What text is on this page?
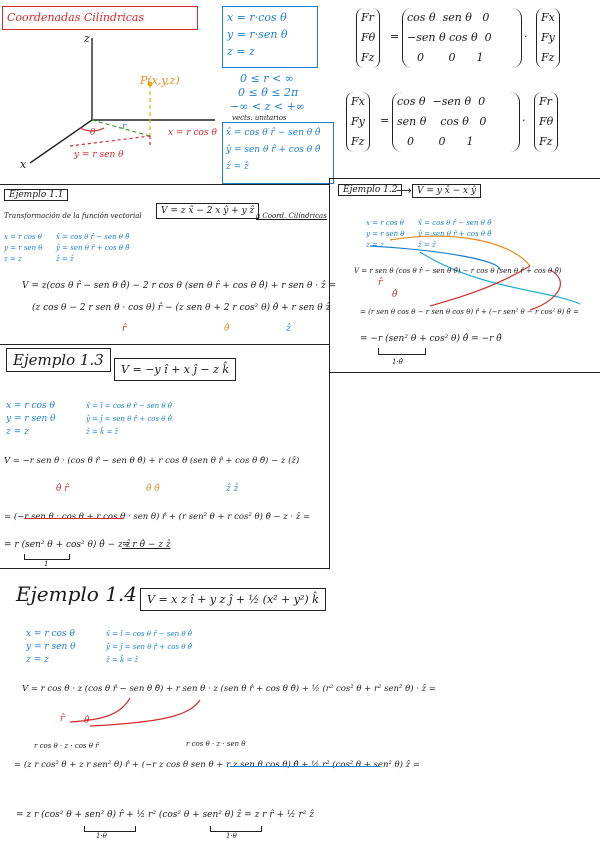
Coordenadas Cilíndricas
z
x
P(x,y,z)
θ
r
x = r cos θ
y = r sen θ
x = r·cos θ
y = r·sen θ
z = z
0 ≤ r < ∞
0 ≤ θ ≤ 2π
−∞ < z < +∞
vects. unitarios
x̂ = cos θ r̂ − sen θ θ̂
ŷ = sen θ r̂ + cos θ θ̂
ẑ = ẑ
Fr
Fθ
Fz
=
cos θ sen θ 0
−sen θ cos θ 0
0 0 1
·
Fx
Fy
Fz
Fx
Fy
Fz
=
cos θ −sen θ 0
sen θ cos θ 0
0 0 1
·
Fr
Fθ
Fz
Ejemplo 1.1
Transformación de la función vectorial	V = z x̂ − 2 x ŷ + y ẑ a Coord. Cilíndricas
x = r cos θ
y = r sen θ
z = z
x̂ = cos θ r̂ − sen θ θ̂
ŷ = sen θ r̂ + cos θ θ̂
ẑ = ẑ
V = z(cos θ r̂ − sen θ θ̂) − 2 r cos θ (sen θ r̂ + cos θ θ̂) + r sen θ · ẑ =
(z cos θ − 2 r sen θ · cos θ) r̂ − (z sen θ + 2 r cos² θ) θ̂ + r sen θ ẑ
r̂	θ̂	ẑ
Ejemplo 1.2
⟶ V = y x̂ − x ŷ
x = r cos θ
y = r sen θ
z = z
x̂ = cos θ r̂ − sen θ θ̂
ŷ = sen θ r̂ + cos θ θ̂
ẑ = ẑ
V = r sen θ (cos θ r̂ − sen θ θ̂) − r cos θ (sen θ r̂ + cos θ θ̂)
θ̂
r̂
= (r sen θ cos θ − r sen θ cos θ) r̂ + (−r sen² θ − r cos² θ) θ̂ =
= −r (sen² θ + cos² θ) θ̂ = −r θ̂
1·θ̂
Ejemplo 1.3
V = −y î + x ĵ − z k̂
x = r cos θ
y = r sen θ
z = z
x̂ = î = cos θ r̂ − sen θ θ̂
ŷ = ĵ = sen θ r̂ + cos θ θ̂
ẑ = k̂ = ẑ
V = −r sen θ · (cos θ r̂ − sen θ θ̂) + r cos θ (sen θ r̂ + cos θ θ̂) − z (ẑ)
θ̂ r̂	θ̂ θ̂	ẑ ẑ
= (−r sen θ · cos θ + r cos θ · sen θ) r̂ + (r sen² θ + r cos² θ) θ̂ − z · ẑ =
= r (sen² θ + cos² θ) θ̂ − z ẑ
= r θ̂ − z ẑ
1
Ejemplo 1.4 V = x z î + y z ĵ + ½ (x² + y²) k̂
x = r cos θ
y = r sen θ
z = z
x̂ = î = cos θ r̂ − sen θ θ̂
ŷ = ĵ = sen θ r̂ + cos θ θ̂
ẑ = k̂ = ẑ
V = r cos θ · z (cos θ r̂ − sen θ θ̂) + r sen θ · z (sen θ r̂ + cos θ θ̂) + ½ (r² cos² θ + r² sen² θ) · ẑ =
r̂ θ̂
r cos θ · z · cos θ r̂	r cos θ · z · sen θ
= (z r cos² θ + z r sen² θ) r̂ + (−r z cos θ sen θ + r z sen θ cos θ) θ̂ + ½ r² (cos² θ + sen² θ) ẑ =
= z r (cos² θ + sen² θ) r̂ + ½ r² (cos² θ + sen² θ) ẑ = z r r̂ + ½ r² ẑ
1·θ	1·θ
